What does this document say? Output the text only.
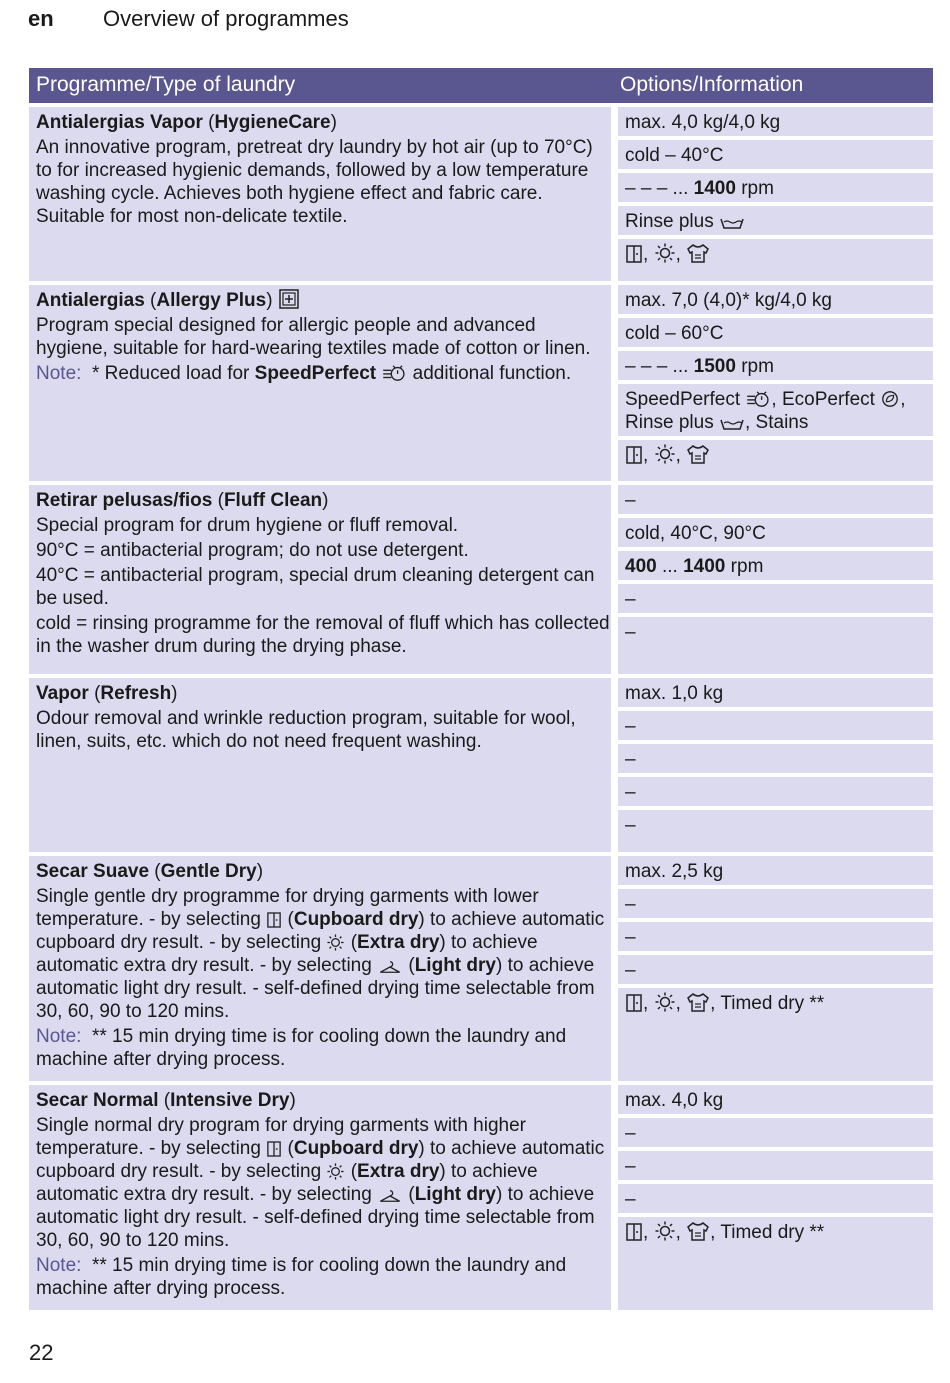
en Overview of programmes
Programme/Type of laundry	Options/Information
Antialergias Vapor (HygieneCare)
An innovative program, pretreat dry laundry by hot air (up to 70°C) to for increased hygienic demands, followed by a low temperature washing cycle. Achieves both hygiene effect and fabric care. Suitable for most non-delicate textile.
max. 4,0 kg/4,0 kg
cold – 40°C
– – – ... 1400 rpm
Rinse plus
, ,
Antialergias (Allergy Plus)
Program special designed for allergic people and advanced hygiene, suitable for hard-wearing textiles made of cotton or linen.
Note: * Reduced load for SpeedPerfect additional function.
max. 7,0 (4,0)* kg/4,0 kg
cold – 60°C
– – – ... 1500 rpm
SpeedPerfect , EcoPerfect , Rinse plus , Stains
, ,
Retirar pelusas/fios (Fluff Clean)
Special program for drum hygiene or fluff removal.
90°C = antibacterial program; do not use detergent.
40°C = antibacterial program, special drum cleaning detergent can be used.
cold = rinsing programme for the removal of fluff which has collected in the washer drum during the drying phase.
–
cold, 40°C, 90°C
400 ... 1400 rpm
–
–
Vapor (Refresh)
Odour removal and wrinkle reduction program, suitable for wool, linen, suits, etc. which do not need frequent washing.
max. 1,0 kg
–
–
–
–
Secar Suave (Gentle Dry)
Single gentle dry programme for drying garments with lower temperature. - by selecting  (Cupboard dry) to achieve automatic cupboard dry result. - by selecting  (Extra dry) to achieve automatic extra dry result. - by selecting  (Light dry) to achieve automatic light dry result. - self-defined drying time selectable from 30, 60, 90 to 120 mins.
Note: ** 15 min drying time is for cooling down the laundry and machine after drying process.
max. 2,5 kg
–
–
–
, , , Timed dry **
Secar Normal (Intensive Dry)
Single normal dry program for drying garments with higher temperature. - by selecting  (Cupboard dry) to achieve automatic cupboard dry result. - by selecting  (Extra dry) to achieve automatic extra dry result. - by selecting  (Light dry) to achieve automatic light dry result. - self-defined drying time selectable from 30, 60, 90 to 120 mins.
Note: ** 15 min drying time is for cooling down the laundry and machine after drying process.
max. 4,0 kg
–
–
–
, , , Timed dry **
22
